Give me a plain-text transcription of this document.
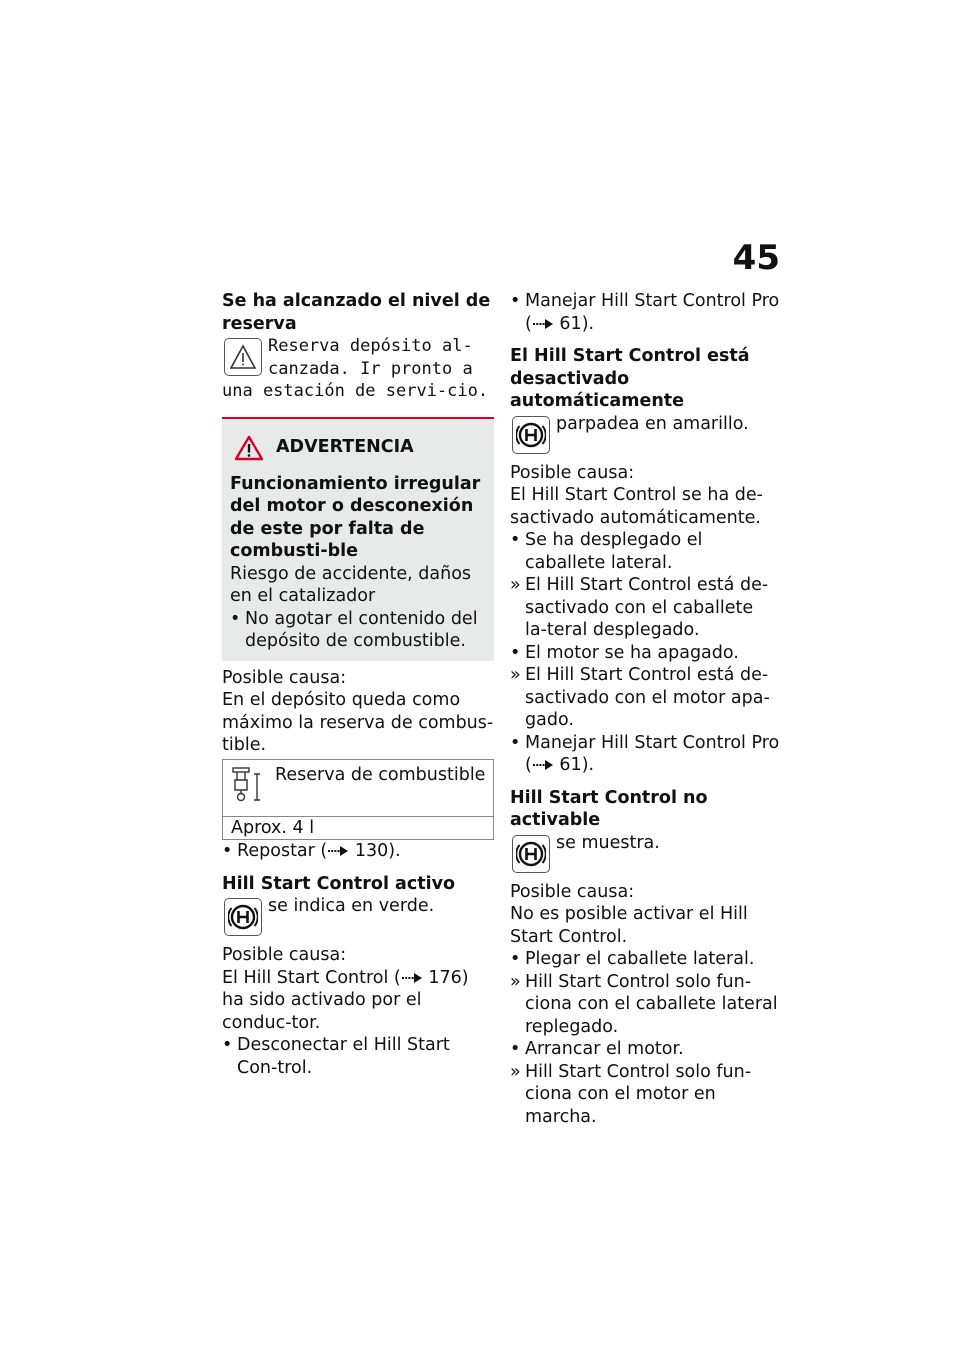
45
Se ha alcanzado el nivel de reserva

Reserva depósito al-canzada. Ir pronto a una estación de servi-cio.

ADVERTENCIA
Funcionamiento irregular del motor o desconexión de este por falta de combusti-ble

Riesgo de accidente, daños en el catalizador

• No agotar el contenido del depósito de combustible.

Posible causa:

En el depósito queda como máximo la reserva de combus-tible.

Reserva de combustible
Aprox. 4 l
• Repostar ( 130).
Hill Start Control activo

se indica en verde.

Posible causa:

El Hill Start Control ( 176) ha sido activado por el conduc-tor.

• Desconectar el Hill Start Con-trol.
• Manejar Hill Start Control Pro ( 61).
El Hill Start Control está desactivado automáticamente

parpadea en amarillo.

Posible causa:

El Hill Start Control se ha de-sactivado automáticamente.

• Se ha desplegado el caballete lateral.
» El Hill Start Control está de-sactivado con el caballete la-teral desplegado.
• El motor se ha apagado.
» El Hill Start Control está de-sactivado con el motor apa-gado.
• Manejar Hill Start Control Pro ( 61).
Hill Start Control no activable

se muestra.

Posible causa:

No es posible activar el Hill Start Control.

• Plegar el caballete lateral.
» Hill Start Control solo fun-ciona con el caballete lateral replegado.
• Arrancar el motor.
» Hill Start Control solo fun-ciona con el motor en marcha.
